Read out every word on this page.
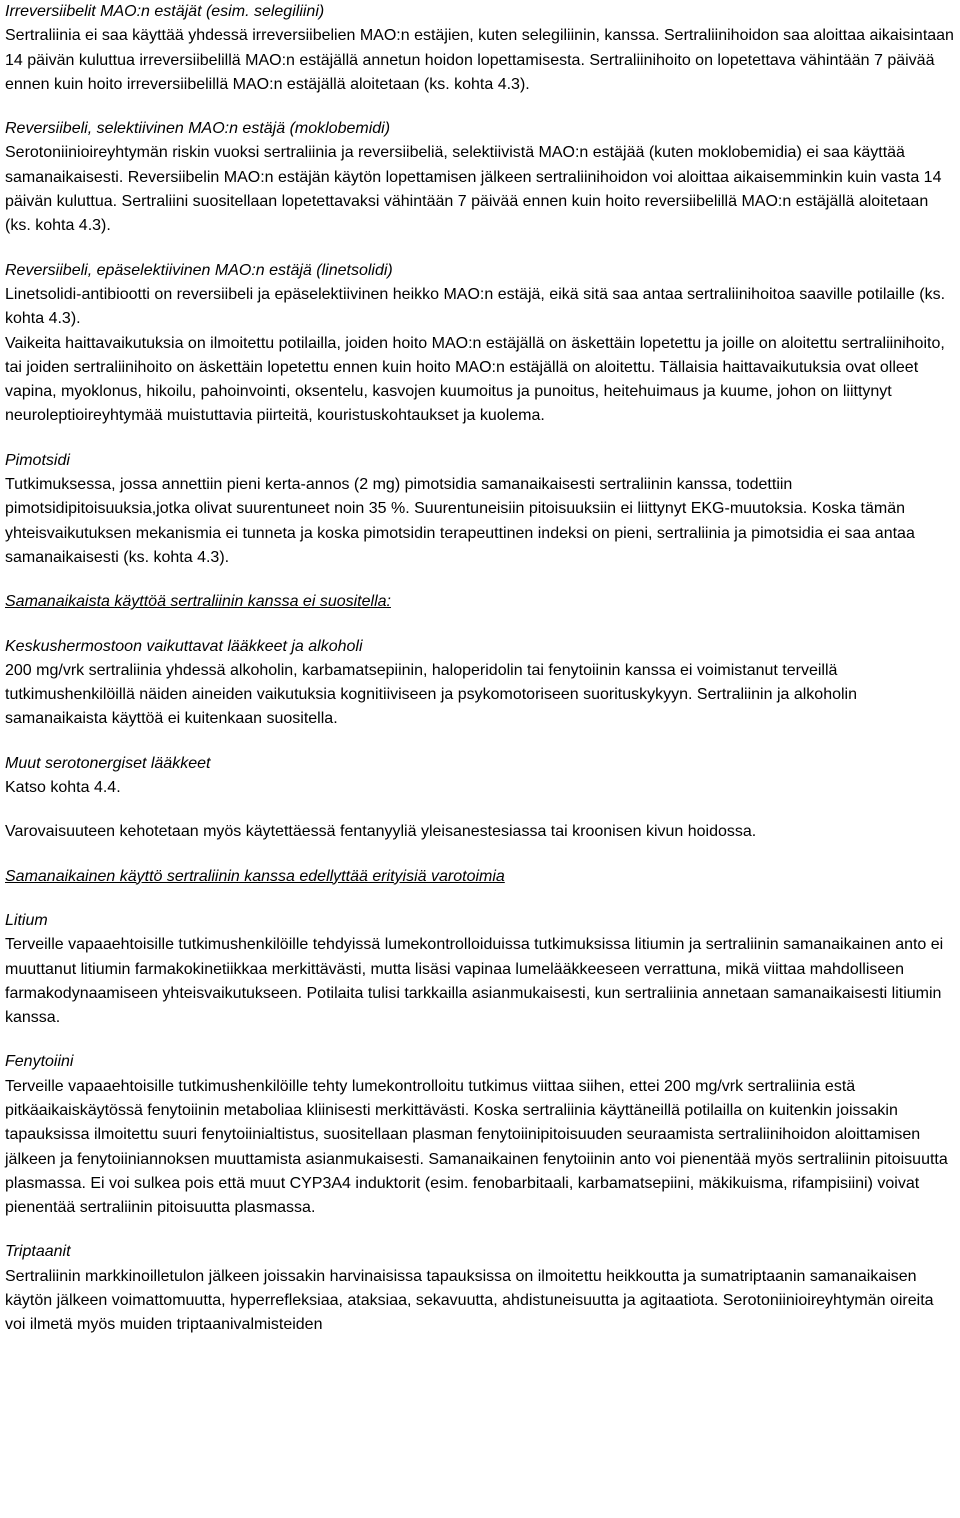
Irreversiibelit MAO:n estäjät (esim. selegiliini)

Sertraliinia ei saa käyttää yhdessä irreversiibelien MAO:n estäjien, kuten selegiliinin, kanssa. Sertraliinihoidon saa aloittaa aikaisintaan 14 päivän kuluttua irreversiibelillä MAO:n estäjällä annetun hoidon lopettamisesta. Sertraliinihoito on lopetettava vähintään 7 päivää ennen kuin hoito irreversiibelillä MAO:n estäjällä aloitetaan (ks. kohta 4.3).

Reversiibeli, selektiivinen MAO:n estäjä (moklobemidi)

Serotoniinioireyhtymän riskin vuoksi sertraliinia ja reversiibeliä, selektiivistä MAO:n estäjää (kuten moklobemidia) ei saa käyttää samanaikaisesti. Reversiibelin MAO:n estäjän käytön lopettamisen jälkeen sertraliinihoidon voi aloittaa aikaisemminkin kuin vasta 14 päivän kuluttua. Sertraliini suositellaan lopetettavaksi vähintään 7 päivää ennen kuin hoito reversiibelillä MAO:n estäjällä aloitetaan (ks. kohta 4.3).

Reversiibeli, epäselektiivinen MAO:n estäjä (linetsolidi)

Linetsolidi-antibiootti on reversiibeli ja epäselektiivinen heikko MAO:n estäjä, eikä sitä saa antaa sertraliinihoitoa saaville potilaille (ks. kohta 4.3).

Vaikeita haittavaikutuksia on ilmoitettu potilailla, joiden hoito MAO:n estäjällä on äskettäin lopetettu ja joille on aloitettu sertraliinihoito, tai joiden sertraliinihoito on äskettäin lopetettu ennen kuin hoito MAO:n estäjällä on aloitettu. Tällaisia haittavaikutuksia ovat olleet vapina, myoklonus, hikoilu, pahoinvointi, oksentelu, kasvojen kuumoitus ja punoitus, heitehuimaus ja kuume, johon on liittynyt neuroleptioireyhtymää muistuttavia piirteitä, kouristuskohtaukset ja kuolema.

Pimotsidi

Tutkimuksessa, jossa annettiin pieni kerta-annos (2 mg) pimotsidia samanaikaisesti sertraliinin kanssa, todettiin pimotsidipitoisuuksia,jotka olivat suurentuneet noin 35 %. Suurentuneisiin pitoisuuksiin ei liittynyt EKG-muutoksia. Koska tämän yhteisvaikutuksen mekanismia ei tunneta ja koska pimotsidin terapeuttinen indeksi on pieni, sertraliinia ja pimotsidia ei saa antaa samanaikaisesti (ks. kohta 4.3).

Samanaikaista käyttöä sertraliinin kanssa ei suositella:

Keskushermostoon vaikuttavat lääkkeet ja alkoholi

200 mg/vrk sertraliinia yhdessä alkoholin, karbamatsepiinin, haloperidolin tai fenytoiinin kanssa ei voimistanut terveillä tutkimushenkilöillä näiden aineiden vaikutuksia kognitiiviseen ja psykomotoriseen suorituskykyyn. Sertraliinin ja alkoholin samanaikaista käyttöä ei kuitenkaan suositella.

Muut serotonergiset lääkkeet

Katso kohta 4.4.

Varovaisuuteen kehotetaan myös käytettäessä fentanyyliä yleisanestesiassa tai kroonisen kivun hoidossa.

Samanaikainen käyttö sertraliinin kanssa edellyttää erityisiä varotoimia

Litium

Terveille vapaaehtoisille tutkimushenkilöille tehdyissä lumekontrolloiduissa tutkimuksissa litiumin ja sertraliinin samanaikainen anto ei muuttanut litiumin farmakokinetiikkaa merkittävästi, mutta lisäsi vapinaa lumelääkkeeseen verrattuna, mikä viittaa mahdolliseen farmakodynaamiseen yhteisvaikutukseen. Potilaita tulisi tarkkailla asianmukaisesti, kun sertraliinia annetaan samanaikaisesti litiumin kanssa.

Fenytoiini

Terveille vapaaehtoisille tutkimushenkilöille tehty lumekontrolloitu tutkimus viittaa siihen, ettei 200 mg/vrk sertraliinia estä pitkäaikaiskäytössä fenytoiinin metaboliaa kliinisesti merkittävästi. Koska sertraliinia käyttäneillä potilailla on kuitenkin joissakin tapauksissa ilmoitettu suuri fenytoiinialtistus, suositellaan plasman fenytoiinipitoisuuden seuraamista sertraliinihoidon aloittamisen jälkeen ja fenytoiiniannoksen muuttamista asianmukaisesti. Samanaikainen fenytoiinin anto voi pienentää myös sertraliinin pitoisuutta plasmassa. Ei voi sulkea pois että muut CYP3A4 induktorit (esim. fenobarbitaali, karbamatsepiini, mäkikuisma, rifampisiini) voivat pienentää sertraliinin pitoisuutta plasmassa.

Triptaanit

Sertraliinin markkinoilletulon jälkeen joissakin harvinaisissa tapauksissa on ilmoitettu heikkoutta ja sumatriptaanin samanaikaisen käytön jälkeen voimattomuutta, hyperrefleksiaa, ataksiaa, sekavuutta, ahdistuneisuutta ja agitaatiota. Serotoniinioireyhtymän oireita voi ilmetä myös muiden triptaanivalmisteiden
